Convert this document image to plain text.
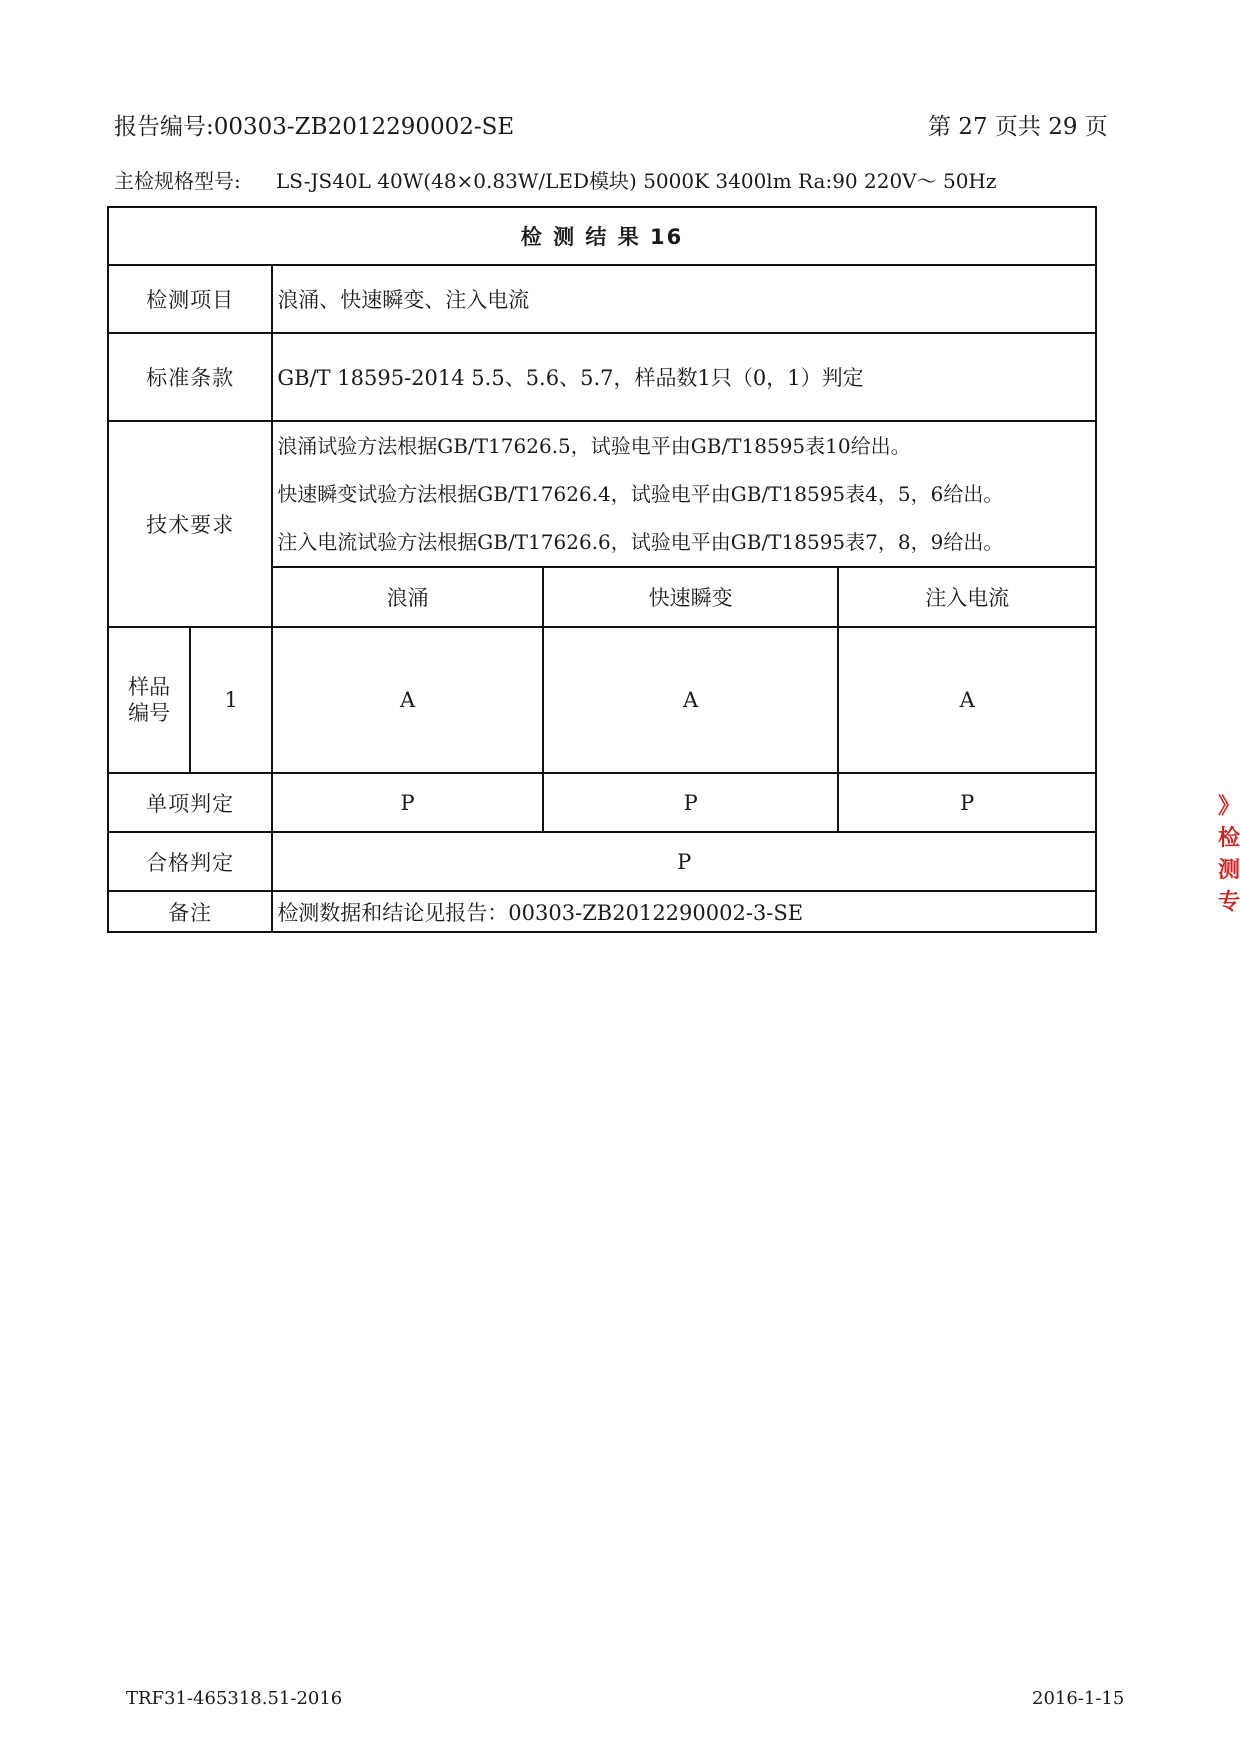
报告编号:00303-ZB2012290002-SE	第 27 页共 29 页
主检规格型号: LS-JS40L 40W(48×0.83W/LED模块) 5000K 3400lm Ra:90 220V～ 50Hz
检 测 结 果 16				
检测项目		浪涌、快速瞬变、注入电流		
标准条款		GB/T 18595-2014 5.5、5.6、5.7，样品数1只（0，1）判定		
技术要求		浪涌试验方法根据GB/T17626.5，试验电平由GB/T18595表10给出。
快速瞬变试验方法根据GB/T17626.4，试验电平由GB/T18595表4，5，6给出。
注入电流试验方法根据GB/T17626.6，试验电平由GB/T18595表7，8，9给出。		

		浪涌	快速瞬变	注入电流

样品
编号	1	A	A	A
单项判定		P	P	P
合格判定		P		
备注		检测数据和结论见报告：00303-ZB2012290002-3-SE		
》
检
测
专
TRF31-465318.51-2016	2016-1-15
